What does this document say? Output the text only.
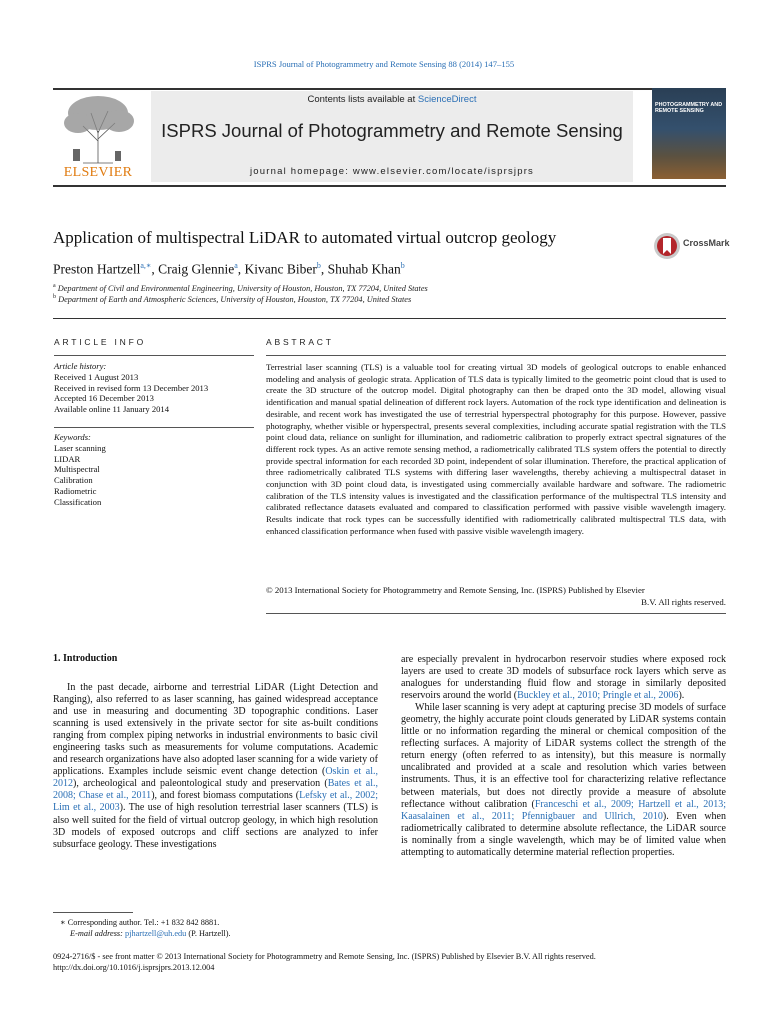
ISPRS Journal of Photogrammetry and Remote Sensing 88 (2014) 147–155
ELSEVIER
Contents lists available at ScienceDirect
ISPRS Journal of Photogrammetry and Remote Sensing
journal homepage: www.elsevier.com/locate/isprsjprs
PHOTOGRAMMETRY AND REMOTE SENSING
Application of multispectral LiDAR to automated virtual outcrop geology	CrossMark
Preston Hartzell$^{a,∗}$, Craig Glennie$^a$, Kivanc Biber$^b$, Shuhab Khan$^b$
$^a$ Department of Civil and Environmental Engineering, University of Houston, Houston, TX 77204, United States
$^b$ Department of Earth and Atmospheric Sciences, University of Houston, Houston, TX 77204, United States
ARTICLE INFO
Article history:
Received 1 August 2013
Received in revised form 13 December 2013
Accepted 16 December 2013
Available online 11 January 2014
Keywords:
Laser scanning
LIDAR
Multispectral
Calibration
Radiometric
Classification
ABSTRACT
Terrestrial laser scanning (TLS) is a valuable tool for creating virtual 3D models of geological outcrops to enable enhanced modeling and analysis of geologic strata. Application of TLS data is typically limited to the geometric point cloud that is used to create the 3D structure of the outcrop model. Digital photography can then be draped onto the 3D model, allowing visual identification and manual spatial delineation of different rock layers. Automation of the rock type identification and delineation is desirable, and recent work has investigated the use of terrestrial hyperspectral photography for this purpose. However, passive photography, whether visible or hyperspectral, presents several complexities, including accurate spatial registration with the TLS point cloud data, reliance on sunlight for illumination, and radiometric calibration to properly extract spectral signatures of the different rock types. As an active remote sensing method, a radiometrically calibrated TLS system offers the potential to directly provide spectral information for each recorded 3D point, independent of solar illumination. Therefore, the practical application of three radiometrically calibrated TLS systems with differing laser wavelengths, thereby achieving a multispectral dataset in conjunction with 3D point cloud data, is investigated using commercially available hardware and software. The radiometric calibration of the TLS intensity values is investigated and the classification performance of the multispectral TLS intensity and calibrated reflectance datasets evaluated and compared to classification performed with passive visible wavelength imagery. Results indicate that rock types can be successfully identified with radiometrically calibrated multispectral TLS data, with enhanced classification performance when fused with passive visible wavelength imagery.
© 2013 International Society for Photogrammetry and Remote Sensing, Inc. (ISPRS) Published by Elsevier
B.V. All rights reserved.
1. Introduction
In the past decade, airborne and terrestrial LiDAR (Light Detection and Ranging), also referred to as laser scanning, has gained widespread acceptance and use in measuring and documenting 3D topographic conditions. Laser scanning is used extensively in the private sector for site as-built conditions ranging from complex piping networks in industrial environments to basic civil engineering tasks such as measurements for volume computations. Academic and research organizations have also adopted laser scanning for a wide variety of applications. Examples include seismic event change detection (Oskin et al., 2012), archeological and paleontological study and preservation (Bates et al., 2008; Chase et al., 2011), and forest biomass computations (Lefsky et al., 2002; Lim et al., 2003). The use of high resolution terrestrial laser scanners (TLS) is also well suited for the field of virtual outcrop geology, in which high resolution 3D models of exposed outcrops and cliff sections are analyzed to infer subsurface geology. These investigations

are especially prevalent in hydrocarbon reservoir studies where exposed rock layers are used to create 3D models of subsurface rock layers which serve as analogues for understanding fluid flow and storage in similarly deposited reservoirs around the world (Buckley et al., 2010; Pringle et al., 2006).

While laser scanning is very adept at capturing precise 3D models of surface geometry, the highly accurate point clouds generated by LiDAR systems contain little or no information regarding the mineral or chemical composition of the reflecting surfaces. A majority of LiDAR systems collect the strength of the return energy (often referred to as intensity), but this measure is normally uncalibrated and provided at a scale and resolution which varies between instruments. Thus, it is an effective tool for characterizing relative reflectance between materials, but does not directly provide a measure of absolute reflectance without calibration (Franceschi et al., 2009; Hartzell et al., 2013; Kaasalainen et al., 2011; Pfennigbauer and Ullrich, 2010). Even when radiometrically calibrated to determine absolute reflectance, the LiDAR source is nominally from a single wavelength, which may be of limited value when attempting to automatically determine material reflection properties.

∗ Corresponding author. Tel.: +1 832 842 8881.
E-mail address: pjhartzell@uh.edu (P. Hartzell).
0924-2716/$ - see front matter © 2013 International Society for Photogrammetry and Remote Sensing, Inc. (ISPRS) Published by Elsevier B.V. All rights reserved.
http://dx.doi.org/10.1016/j.isprsjprs.2013.12.004
